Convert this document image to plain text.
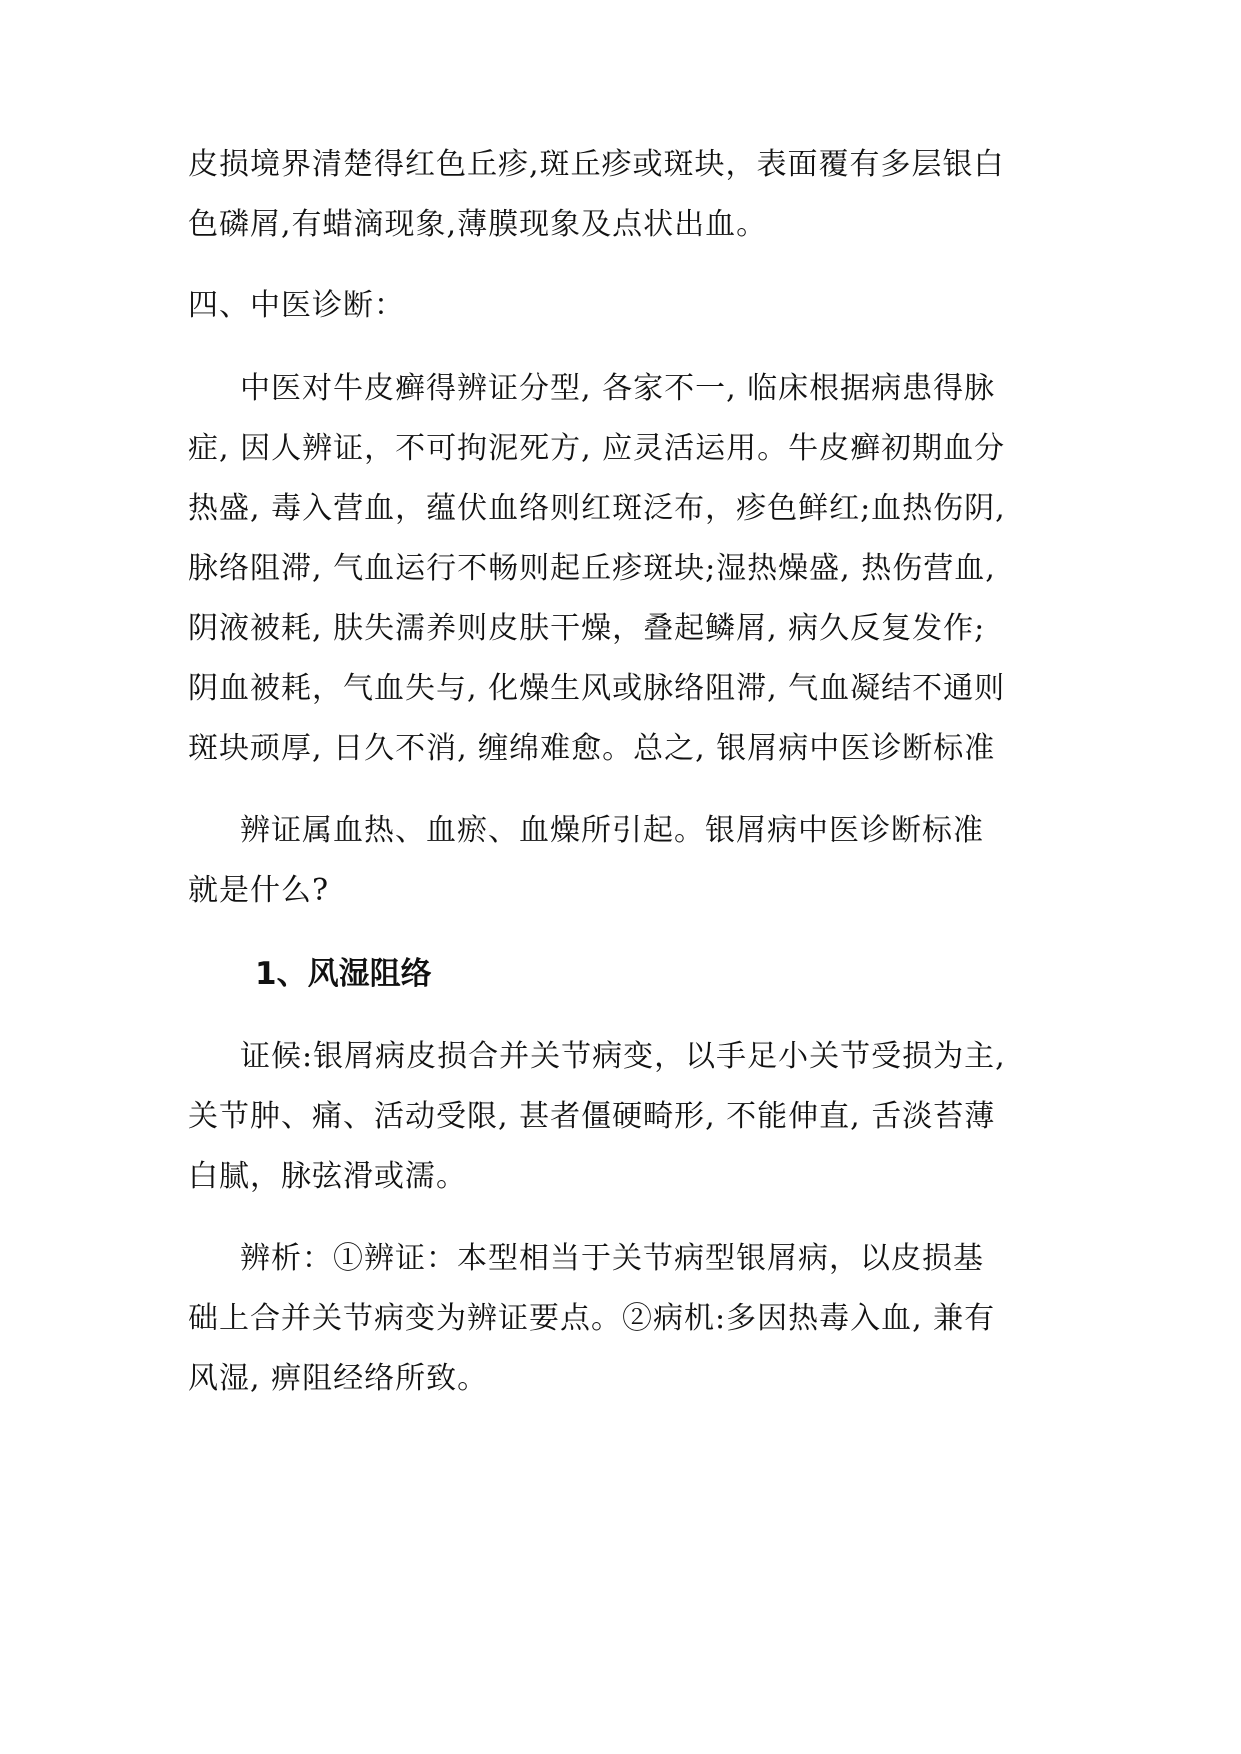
皮损境界清楚得红色丘疹,斑丘疹或斑块，表面覆有多层银白
色磷屑,有蜡滴现象,薄膜现象及点状出血。
四、中医诊断：
中医对牛皮癣得辨证分型, 各家不一, 临床根据病患得脉
症, 因人辨证，不可拘泥死方, 应灵活运用。牛皮癣初期血分
热盛, 毒入营血，蕴伏血络则红斑泛布，疹色鲜红;血热伤阴,
脉络阻滞, 气血运行不畅则起丘疹斑块;湿热燥盛, 热伤营血,
阴液被耗, 肤失濡养则皮肤干燥，叠起鳞屑, 病久反复发作;
阴血被耗，气血失与, 化燥生风或脉络阻滞, 气血凝结不通则
斑块顽厚, 日久不消, 缠绵难愈。总之, 银屑病中医诊断标准
辨证属血热、血瘀、血燥所引起。银屑病中医诊断标准
就是什么?
1、风湿阻络
证候:银屑病皮损合并关节病变，以手足小关节受损为主,
关节肿、痛、活动受限, 甚者僵硬畸形, 不能伸直, 舌淡苔薄
白腻，脉弦滑或濡。
辨析：①辨证：本型相当于关节病型银屑病，以皮损基
础上合并关节病变为辨证要点。②病机:多因热毒入血, 兼有
风湿, 痹阻经络所致。
